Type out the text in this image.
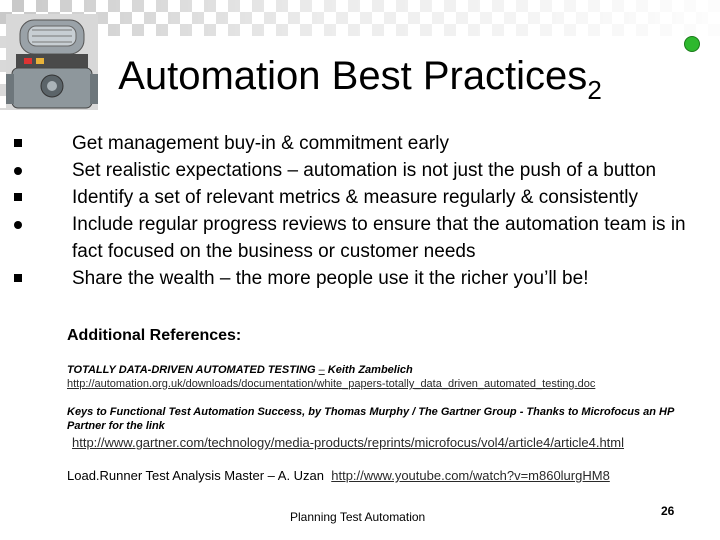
Automation Best Practices$_2$
Get management buy-in & commitment early
Set realistic expectations – automation is not just the push of a button
Identify a set of relevant metrics & measure regularly & consistently
Include regular progress reviews to ensure that the automation team is in fact focused on the business or customer needs
Share the wealth – the more people use it the richer you’ll be!
Additional References:
TOTALLY DATA-DRIVEN AUTOMATED TESTING – Keith Zambelich
http://automation.org.uk/downloads/documentation/white_papers-totally_data_driven_automated_testing.doc
Keys to Functional Test Automation Success, by Thomas Murphy / The Gartner Group - Thanks to Microfocus an HP Partner for the link
http://www.gartner.com/technology/media-products/reprints/microfocus/vol4/article4/article4.html
Load.Runner Test Analysis Master – A. Uzan http://www.youtube.com/watch?v=m860lurgHM8
Planning Test Automation	26
